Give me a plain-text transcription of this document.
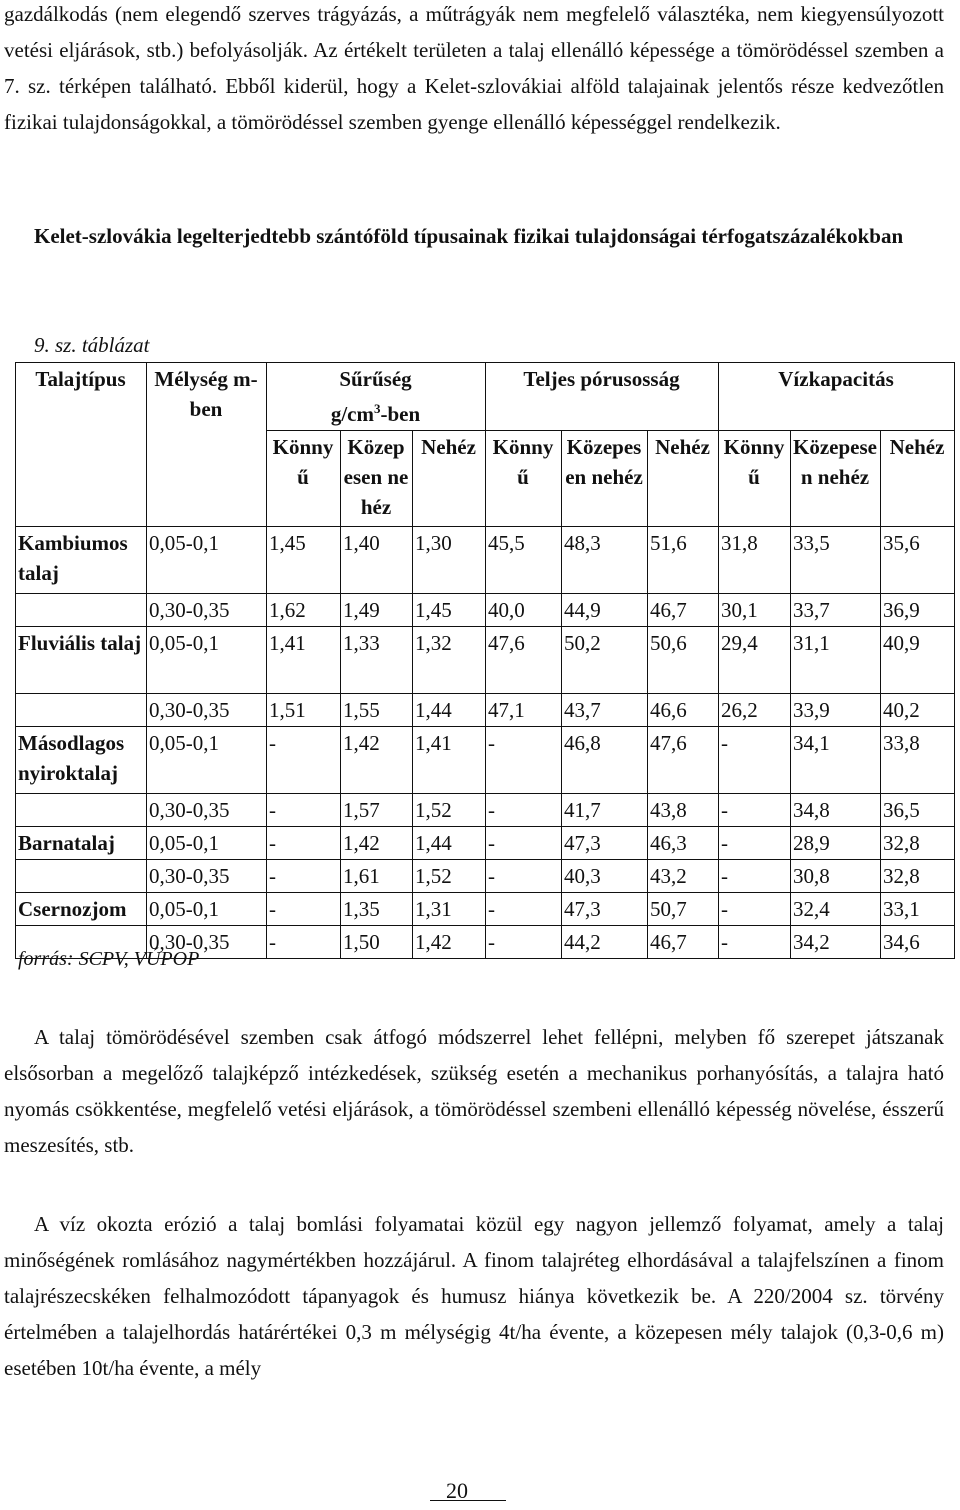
gazdálkodás (nem elegendő szerves trágyázás, a műtrágyák nem megfelelő választéka, nem kiegyensúlyozott vetési eljárások, stb.) befolyásolják. Az értékelt területen a talaj ellenálló képessége a tömörödéssel szemben a 7. sz. térképen található. Ebből kiderül, hogy a Kelet-szlovákiai alföld talajainak jelentős része kedvezőtlen fizikai tulajdonságokkal, a tömörödéssel szemben gyenge ellenálló képességgel rendelkezik.

Kelet-szlovákia legelterjedtebb szántóföld típusainak fizikai tulajdonságai térfogatszázalékokban

9. sz. táblázat
Talajtípus	Mélység m-ben	Sűrűség
$g/cm^3$-ben			Teljes pórusosság			Vízkapacitás		
		Könnyű	Közepesen nehéz	Nehéz	Könnyű	Közepesen nehéz	Nehéz	Könnyű	Közepesen nehéz	Nehéz
Kambiumos talaj	0,05-0,1	1,45	1,40	1,30	45,5	48,3	51,6	31,8	33,5	35,6
	0,30-0,35	1,62	1,49	1,45	40,0	44,9	46,7	30,1	33,7	36,9
Fluviális talaj	0,05-0,1	1,41	1,33	1,32	47,6	50,2	50,6	29,4	31,1	40,9
	0,30-0,35	1,51	1,55	1,44	47,1	43,7	46,6	26,2	33,9	40,2
Másodlagos nyiroktalaj	0,05-0,1	-	1,42	1,41	-	46,8	47,6	-	34,1	33,8
	0,30-0,35	-	1,57	1,52	-	41,7	43,8	-	34,8	36,5
Barnatalaj	0,05-0,1	-	1,42	1,44	-	47,3	46,3	-	28,9	32,8
	0,30-0,35	-	1,61	1,52	-	40,3	43,2	-	30,8	32,8
Csernozjom	0,05-0,1	-	1,35	1,31	-	47,3	50,7	-	32,4	33,1
	0,30-0,35	-	1,50	1,42	-	44,2	46,7	-	34,2	34,6
forrás: SCPV, VÚPOP

A talaj tömörödésével szemben csak átfogó módszerrel lehet fellépni, melyben fő szerepet játszanak elsősorban a megelőző talajképző intézkedések, szükség esetén a mechanikus porhanyósítás, a talajra ható nyomás csökkentése, megfelelő vetési eljárások, a tömörödéssel szembeni ellenálló képesség növelése, ésszerű meszesítés, stb.

A víz okozta erózió a talaj bomlási folyamatai közül egy nagyon jellemző folyamat, amely a talaj minőségének romlásához nagymértékben hozzájárul. A finom talajréteg elhordásával a talajfelszínen a finom talajrészecskéken felhalmozódott tápanyagok és humusz hiánya következik be. A 220/2004 sz. törvény értelmében a talajelhordás határértékei 0,3 m mélységig 4t/ha évente, a közepesen mély talajok (0,3-0,6 m) esetében 10t/ha évente, a mély

20
